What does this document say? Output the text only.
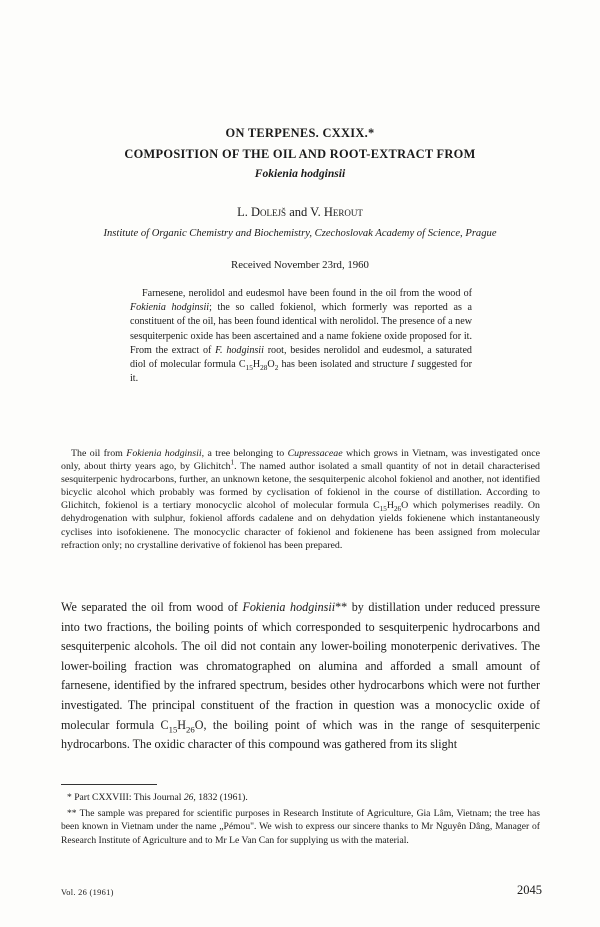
ON TERPENES. CXXIX.*
COMPOSITION OF THE OIL AND ROOT-EXTRACT FROM
Fokienia hodginsii
L. Dolejš and V. Herout
Institute of Organic Chemistry and Biochemistry, Czechoslovak Academy of Science, Prague
Received November 23rd, 1960

Farnesene, nerolidol and eudesmol have been found in the oil from the wood of Fokienia hodginsii; the so called fokienol, which formerly was reported as a constituent of the oil, has been found identical with nerolidol. The presence of a new sesquiterpenic oxide has been ascertained and a name fokiene oxide proposed for it. From the extract of F. hodginsii root, besides nerolidol and eudesmol, a saturated diol of molecular formula $C_{15}H_{28}O_2$ has been isolated and structure I suggested for it.

The oil from Fokienia hodginsii, a tree belonging to Cupressaceae which grows in Vietnam, was investigated once only, about thirty years ago, by Glichitch$^1$. The named author isolated a small quantity of not in detail characterised sesquiterpenic hydrocarbons, further, an unknown ketone, the sesquiterpenic alcohol fokienol and another, not identified bicyclic alcohol which probably was formed by cyclisation of fokienol in the course of distillation. According to Glichitch, fokienol is a tertiary monocyclic alcohol of molecular formula $C_{15}H_{26}O$ which polymerises readily. On dehydrogenation with sulphur, fokienol affords cadalene and on dehydation yields fokienene which instantaneously cyclises into isofokienene. The monocyclic character of fokienol and fokienene has been assigned from molecular refraction only; no crystalline derivative of fokienol has been prepared.

We separated the oil from wood of Fokienia hodginsii** by distillation under reduced pressure into two fractions, the boiling points of which corresponded to sesquiterpenic hydrocarbons and sesquiterpenic alcohols. The oil did not contain any lower-boiling monoterpenic derivatives. The lower-boiling fraction was chromatographed on alumina and afforded a small amount of farnesene, identified by the infrared spectrum, besides other hydrocarbons which were not further investigated. The principal constituent of the fraction in question was a monocyclic oxide of molecular formula $C_{15}H_{26}O$, the boiling point of which was in the range of sesquiterpenic hydrocarbons. The oxidic character of this compound was gathered from its slight

* Part CXXVIII: This Journal 26, 1832 (1961).

** The sample was prepared for scientific purposes in Research Institute of Agriculture, Gia Lâm, Vietnam; the tree has been known in Vietnam under the name „Pémou". We wish to express our sincere thanks to Mr Nguyên Dâng, Manager of Research Institute of Agriculture and to Mr Le Van Can for supplying us with the material.

Vol. 26 (1961)	2045
